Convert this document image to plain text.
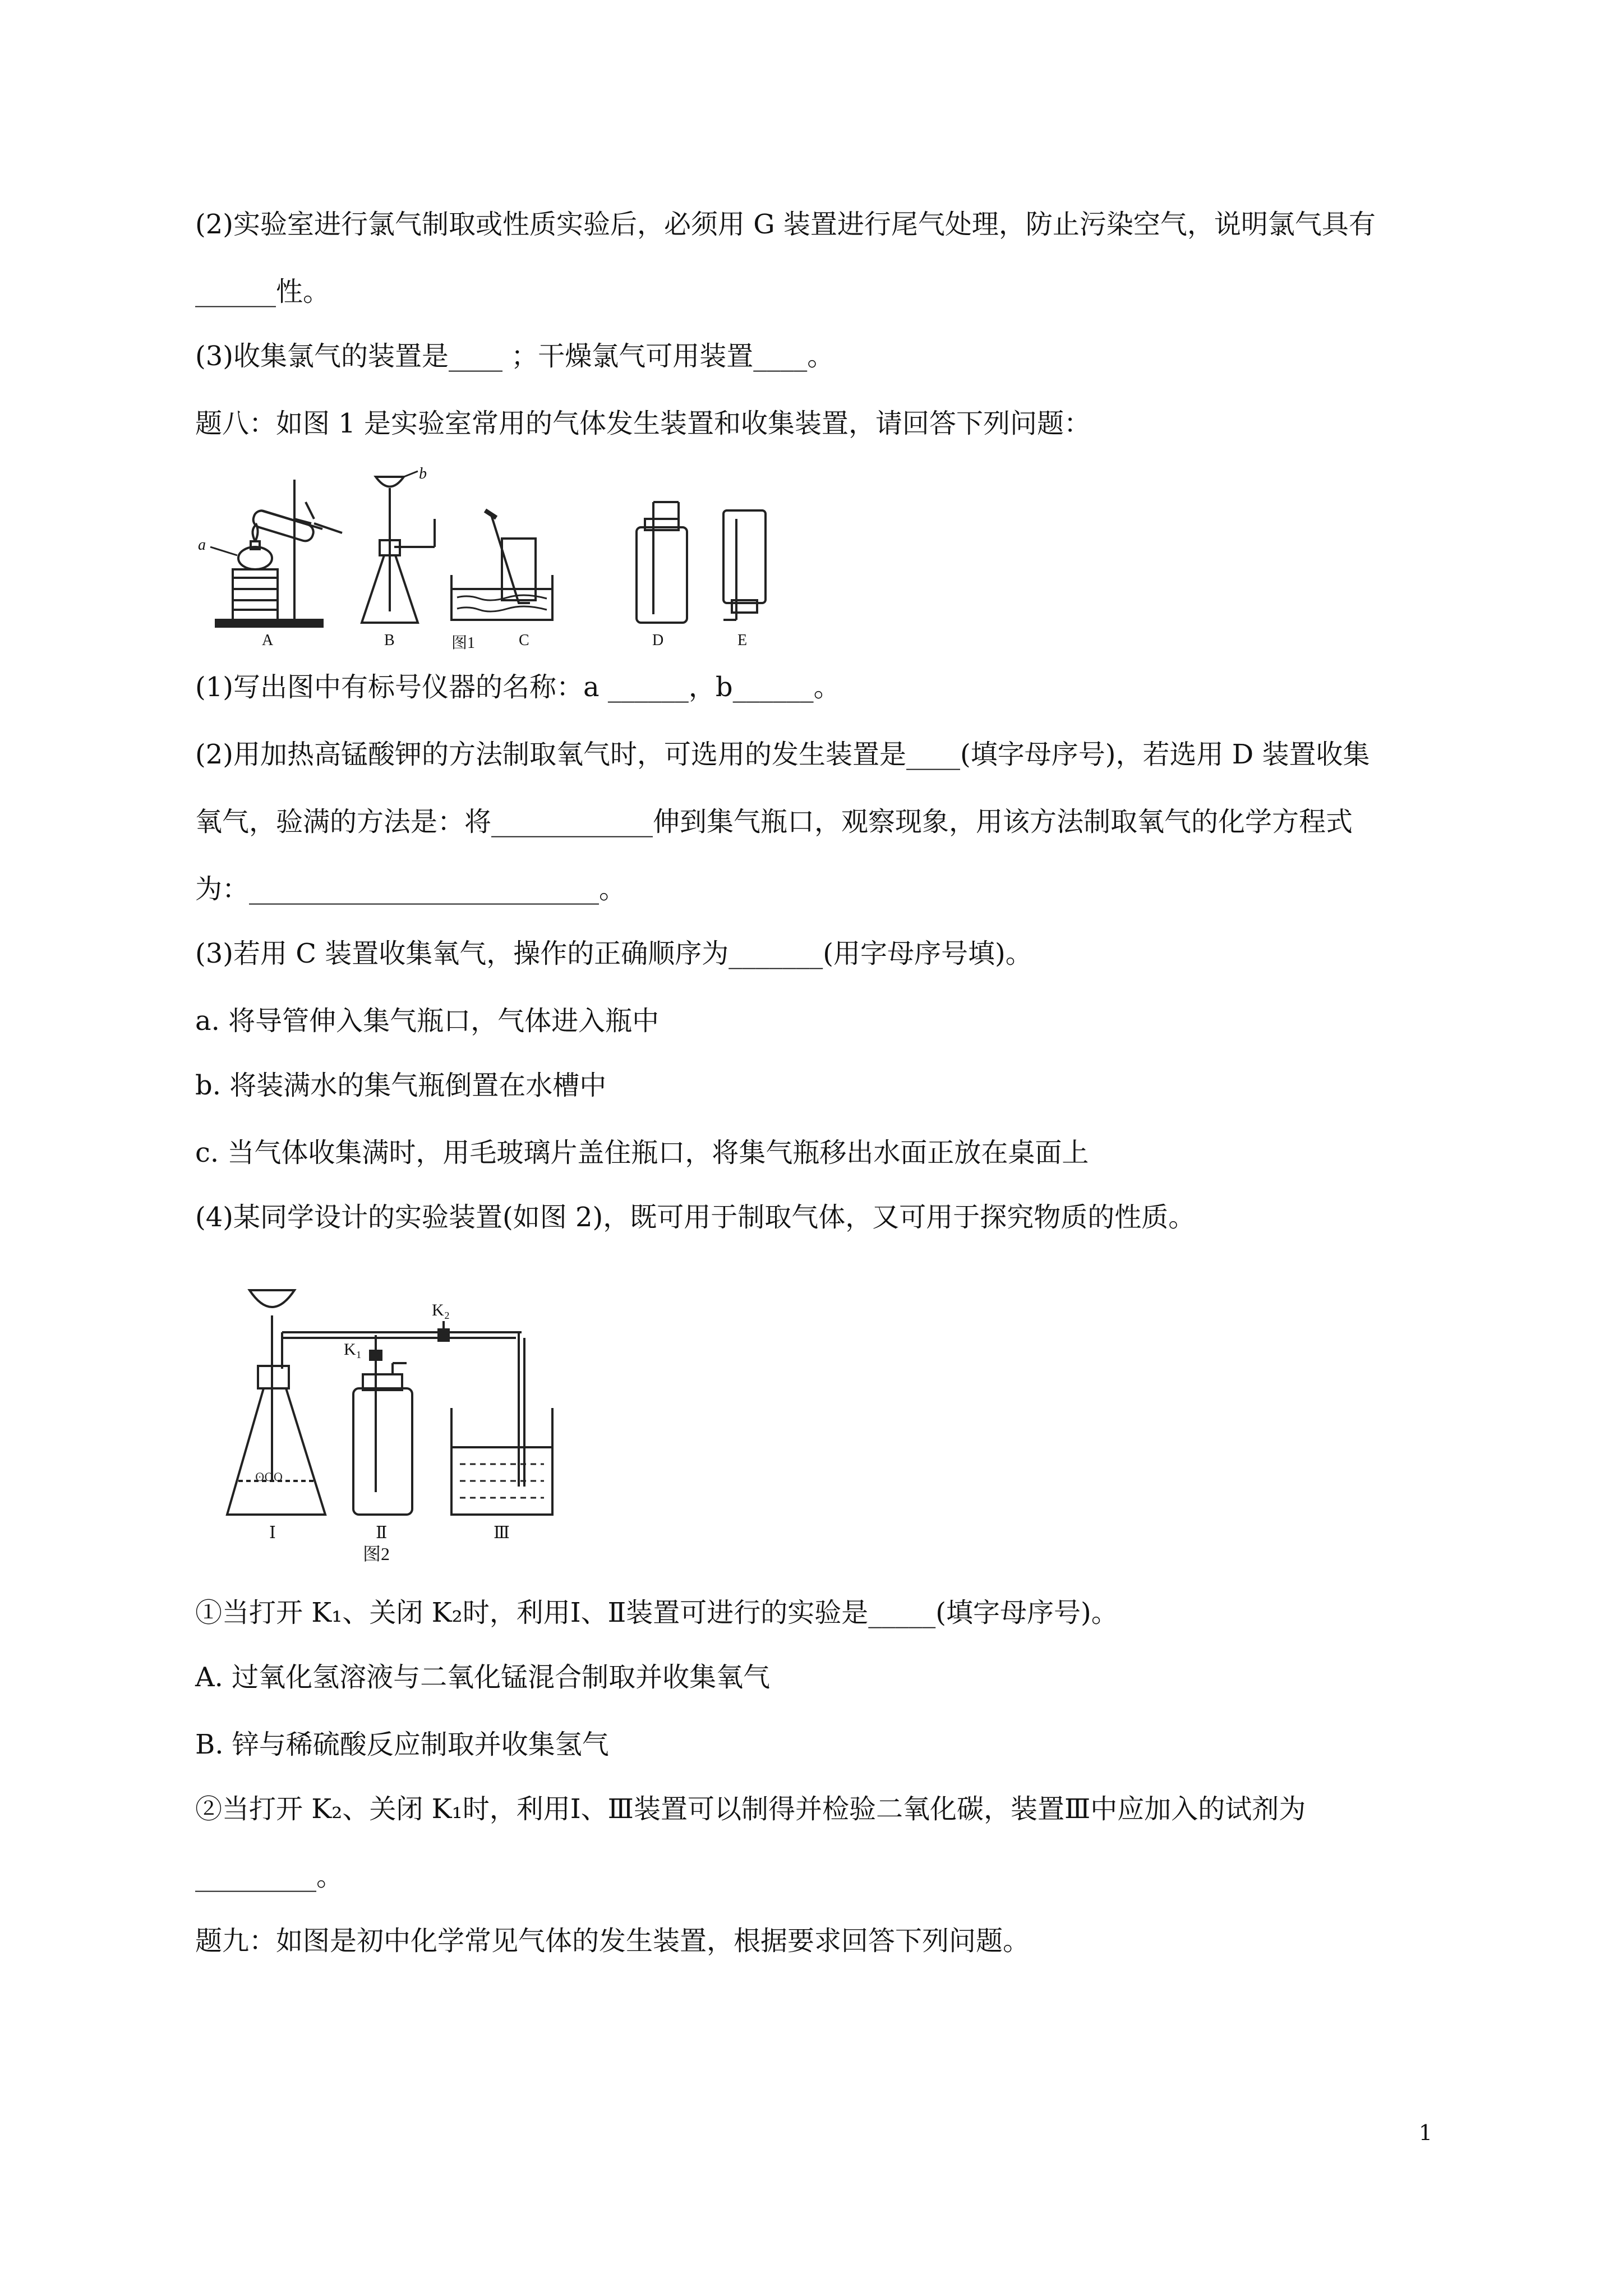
(2)实验室进行氯气制取或性质实验后，必须用 G 装置进行尾气处理，防止污染空气，说明氯气具有
______性。
(3)收集氯气的装置是____ ；干燥氯气可用装置____。
题八：如图 1 是实验室常用的气体发生装置和收集装置，请回答下列问题：
a
b
A	B	C	D	E
图1
(1)写出图中有标号仪器的名称：a ______，b______。
(2)用加热高锰酸钾的方法制取氧气时，可选用的发生装置是____(填字母序号)，若选用 D 装置收集
氧气，验满的方法是：将____________伸到集气瓶口，观察现象，用该方法制取氧气的化学方程式
为：__________________________。
(3)若用 C 装置收集氧气，操作的正确顺序为_______(用字母序号填)。
a. 将导管伸入集气瓶口，气体进入瓶中
b. 将装满水的集气瓶倒置在水槽中
c. 当气体收集满时，用毛玻璃片盖住瓶口，将集气瓶移出水面正放在桌面上
(4)某同学设计的实验装置(如图 2)，既可用于制取气体，又可用于探究物质的性质。
ʘOO
K₁
K₂
Ⅰ	Ⅱ	Ⅲ
图2
①当打开 K₁、关闭 K₂时，利用Ⅰ、Ⅱ装置可进行的实验是_____(填字母序号)。
A. 过氧化氢溶液与二氧化锰混合制取并收集氧气
B. 锌与稀硫酸反应制取并收集氢气
②当打开 K₂、关闭 K₁时，利用Ⅰ、Ⅲ装置可以制得并检验二氧化碳，装置Ⅲ中应加入的试剂为
_________。
题九：如图是初中化学常见气体的发生装置，根据要求回答下列问题。
1
